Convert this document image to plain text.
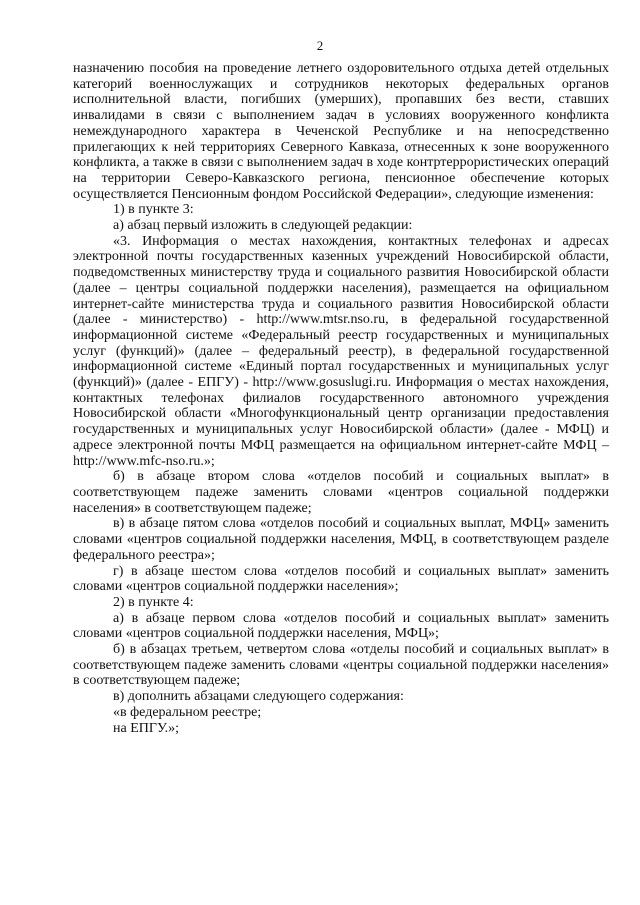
2

назначению пособия на проведение летнего оздоровительного отдыха детей отдельных категорий военнослужащих и сотрудников некоторых федеральных органов исполнительной власти, погибших (умерших), пропавших без вести, ставших инвалидами в связи с выполнением задач в условиях вооруженного конфликта немеждународного характера в Чеченской Республике и на непосредственно прилегающих к ней территориях Северного Кавказа, отнесенных к зоне вооруженного конфликта, а также в связи с выполнением задач в ходе контртеррористических операций на территории Северо-Кавказского региона, пенсионное обеспечение которых осуществляется Пенсионным фондом Российской Федерации», следующие изменения:

1) в пункте 3:

а) абзац первый изложить в следующей редакции:

«3. Информация о местах нахождения, контактных телефонах и адресах электронной почты государственных казенных учреждений Новосибирской области, подведомственных министерству труда и социального развития Новосибирской области (далее – центры социальной поддержки населения), размещается на официальном интернет-сайте министерства труда и социального развития Новосибирской области (далее - министерство) - http://www.mtsr.nso.ru, в федеральной государственной информационной системе «Федеральный реестр государственных и муниципальных услуг (функций)» (далее – федеральный реестр), в федеральной государственной информационной системе «Единый портал государственных и муниципальных услуг (функций)» (далее - ЕПГУ) - http://www.gosuslugi.ru. Информация о местах нахождения, контактных телефонах филиалов государственного автономного учреждения Новосибирской области «Многофункциональный центр организации предоставления государственных и муниципальных услуг Новосибирской области» (далее - МФЦ) и адресе электронной почты МФЦ размещается на официальном интернет-сайте МФЦ – http://www.mfc-nso.ru.»;

б) в абзаце втором слова «отделов пособий и социальных выплат» в соответствующем падеже заменить словами «центров социальной поддержки населения» в соответствующем падеже;

в) в абзаце пятом слова «отделов пособий и социальных выплат, МФЦ» заменить словами «центров социальной поддержки населения, МФЦ, в соответствующем разделе федерального реестра»;

г) в абзаце шестом слова «отделов пособий и социальных выплат» заменить словами «центров социальной поддержки населения»;

2) в пункте 4:

а) в абзаце первом слова «отделов пособий и социальных выплат» заменить словами «центров социальной поддержки населения, МФЦ»;

б) в абзацах третьем, четвертом слова «отделы пособий и социальных выплат» в соответствующем падеже заменить словами «центры социальной поддержки населения» в соответствующем падеже;

в) дополнить абзацами следующего содержания:

«в федеральном реестре;

на ЕПГУ.»;
